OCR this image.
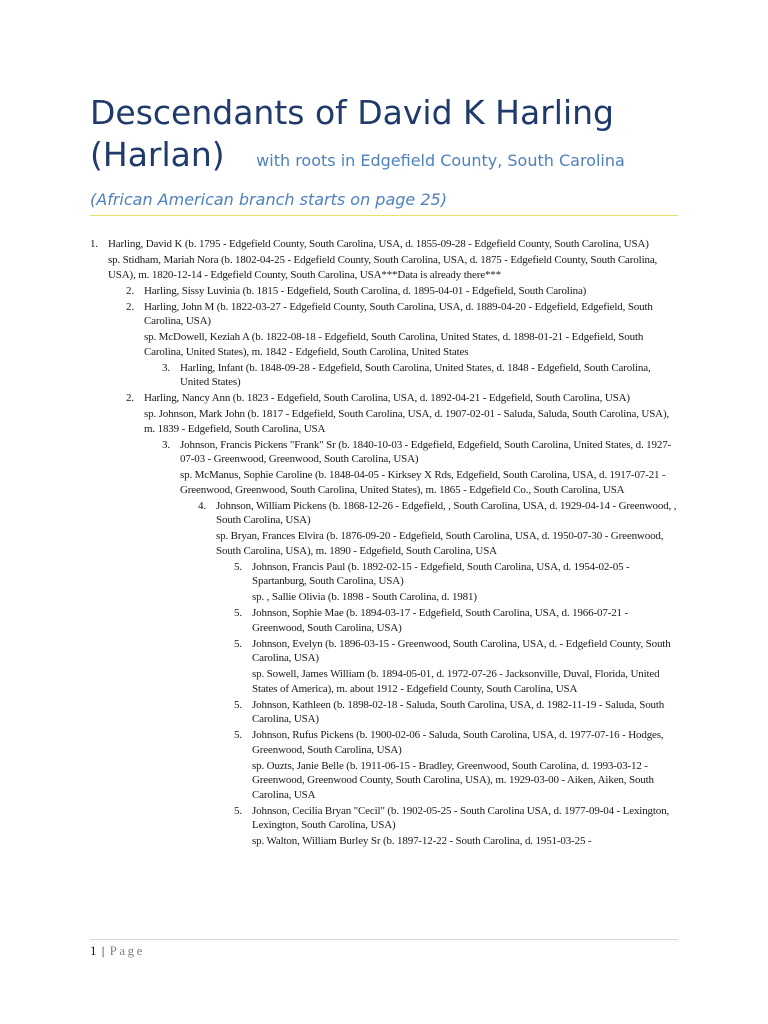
Descendants of David K Harling (Harlan) with roots in Edgefield County, South Carolina
(African American branch starts on page 25)
1. Harling, David K (b. 1795 - Edgefield County, South Carolina, USA, d. 1855-09-28 - Edgefield County, South Carolina, USA)
sp. Stidham, Mariah Nora (b. 1802-04-25 - Edgefield County, South Carolina, USA, d. 1875 - Edgefield County, South Carolina, USA), m. 1820-12-14 - Edgefield County, South Carolina, USA***Data is already there***
2. Harling, Sissy Luvinia (b. 1815 - Edgefield, South Carolina, d. 1895-04-01 - Edgefield, South Carolina)
2. Harling, John M (b. 1822-03-27 - Edgefield County, South Carolina, USA, d. 1889-04-20 - Edgefield, Edgefield, South Carolina, USA)
sp. McDowell, Keziah A (b. 1822-08-18 - Edgefield, South Carolina, United States, d. 1898-01-21 - Edgefield, South Carolina, United States), m. 1842 - Edgefield, South Carolina, United States
3. Harling, Infant (b. 1848-09-28 - Edgefield, South Carolina, United States, d. 1848 - Edgefield, South Carolina, United States)
2. Harling, Nancy Ann (b. 1823 - Edgefield, South Carolina, USA, d. 1892-04-21 - Edgefield, South Carolina, USA)
sp. Johnson, Mark John (b. 1817 - Edgefield, South Carolina, USA, d. 1907-02-01 - Saluda, Saluda, South Carolina, USA), m. 1839 - Edgefield, South Carolina, USA
3. Johnson, Francis Pickens "Frank" Sr (b. 1840-10-03 - Edgefield, Edgefield, South Carolina, United States, d. 1927-07-03 - Greenwood, Greenwood, South Carolina, USA)
sp. McManus, Sophie Caroline (b. 1848-04-05 - Kirksey X Rds, Edgefield, South Carolina, USA, d. 1917-07-21 - Greenwood, Greenwood, South Carolina, United States), m. 1865 - Edgefield Co., South Carolina, USA
4. Johnson, William Pickens (b. 1868-12-26 - Edgefield, , South Carolina, USA, d. 1929-04-14 - Greenwood, , South Carolina, USA)
sp. Bryan, Frances Elvira (b. 1876-09-20 - Edgefield, South Carolina, USA, d. 1950-07-30 - Greenwood, South Carolina, USA), m. 1890 - Edgefield, South Carolina, USA
5. Johnson, Francis Paul (b. 1892-02-15 - Edgefield, South Carolina, USA, d. 1954-02-05 - Spartanburg, South Carolina, USA)
sp. , Sallie Olivia (b. 1898 - South Carolina, d. 1981)
5. Johnson, Sophie Mae (b. 1894-03-17 - Edgefield, South Carolina, USA, d. 1966-07-21 - Greenwood, South Carolina, USA)
5. Johnson, Evelyn (b. 1896-03-15 - Greenwood, South Carolina, USA, d. - Edgefield County, South Carolina, USA)
sp. Sowell, James William (b. 1894-05-01, d. 1972-07-26 - Jacksonville, Duval, Florida, United States of America), m. about 1912 - Edgefield County, South Carolina, USA
5. Johnson, Kathleen (b. 1898-02-18 - Saluda, South Carolina, USA, d. 1982-11-19 - Saluda, South Carolina, USA)
5. Johnson, Rufus Pickens (b. 1900-02-06 - Saluda, South Carolina, USA, d. 1977-07-16 - Hodges, Greenwood, South Carolina, USA)
sp. Ouzts, Janie Belle (b. 1911-06-15 - Bradley, Greenwood, South Carolina, d. 1993-03-12 - Greenwood, Greenwood County, South Carolina, USA), m. 1929-03-00 - Aiken, Aiken, South Carolina, USA
5. Johnson, Cecilia Bryan "Cecil" (b. 1902-05-25 - South Carolina USA, d. 1977-09-04 - Lexington, Lexington, South Carolina, USA)
sp. Walton, William Burley Sr (b. 1897-12-22 - South Carolina, d. 1951-03-25 -
1 | Page
